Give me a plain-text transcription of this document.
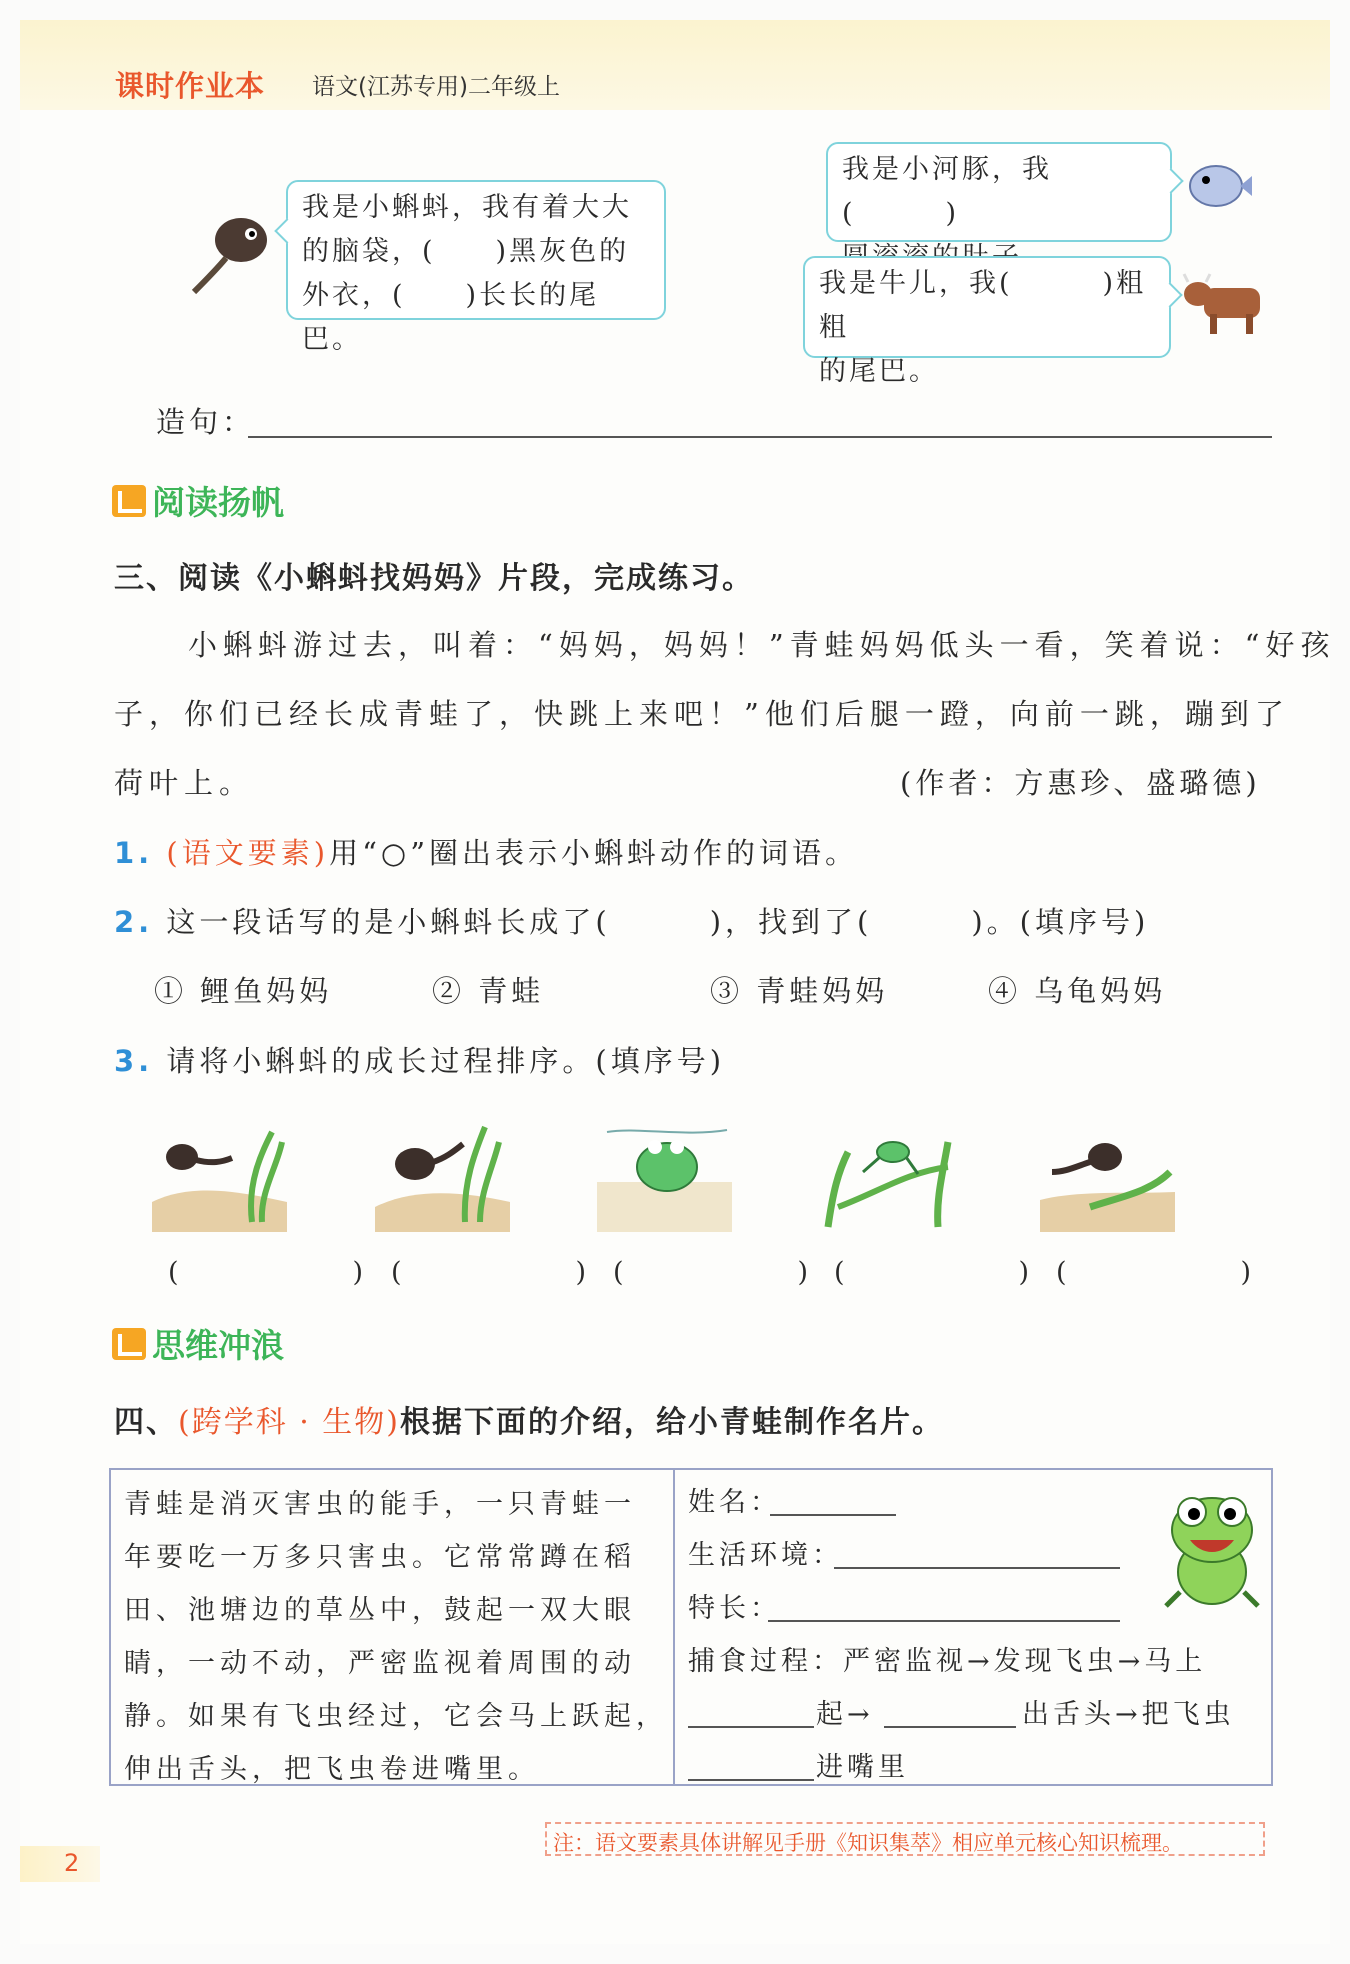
课时作业本 语文(江苏专用)二年级上
我是小蝌蚪，我有着大大
的脑袋，(　　)黑灰色的
外衣，(　　)长长的尾巴。
我是小河豚，我(　　　)
我是牛儿，我(　　　)粗粗
的尾巴。
造句：
阅读扬帆
三、阅读《小蝌蚪找妈妈》片段，完成练习。
小蝌蚪游过去，叫着：“妈妈，妈妈！”青蛙妈妈低头一看，笑着说：“好孩
子，你们已经长成青蛙了，快跳上来吧！”他们后腿一蹬，向前一跳，蹦到了
荷叶上。	(作者：方惠珍、盛璐德)
1. (语文要素)用“○”圈出表示小蝌蚪动作的词语。
2. 这一段话写的是小蝌蚪长成了(　　　)，找到了(　　　)。(填序号)
① 鲤鱼妈妈	② 青蛙	③ 青蛙妈妈	④ 乌龟妈妈
3. 请将小蝌蚪的成长过程排序。(填序号)
(　　)
(　　)
(　　)
(　　)
(　　)
思维冲浪
四、(跨学科 · 生物)根据下面的介绍，给小青蛙制作名片。
青蛙是消灭害虫的能手，一只青蛙一
年要吃一万多只害虫。它常常蹲在稻
田、池塘边的草丛中，鼓起一双大眼
睛，一动不动，严密监视着周围的动
静。如果有飞虫经过，它会马上跃起，
伸出舌头，把飞虫卷进嘴里。
姓名：
生活环境：
特长：
捕食过程：严密监视→发现飞虫→马上
起→	出舌头→把飞虫
进嘴里
注：语文要素具体讲解见手册《知识集萃》相应单元核心知识梳理。
2
